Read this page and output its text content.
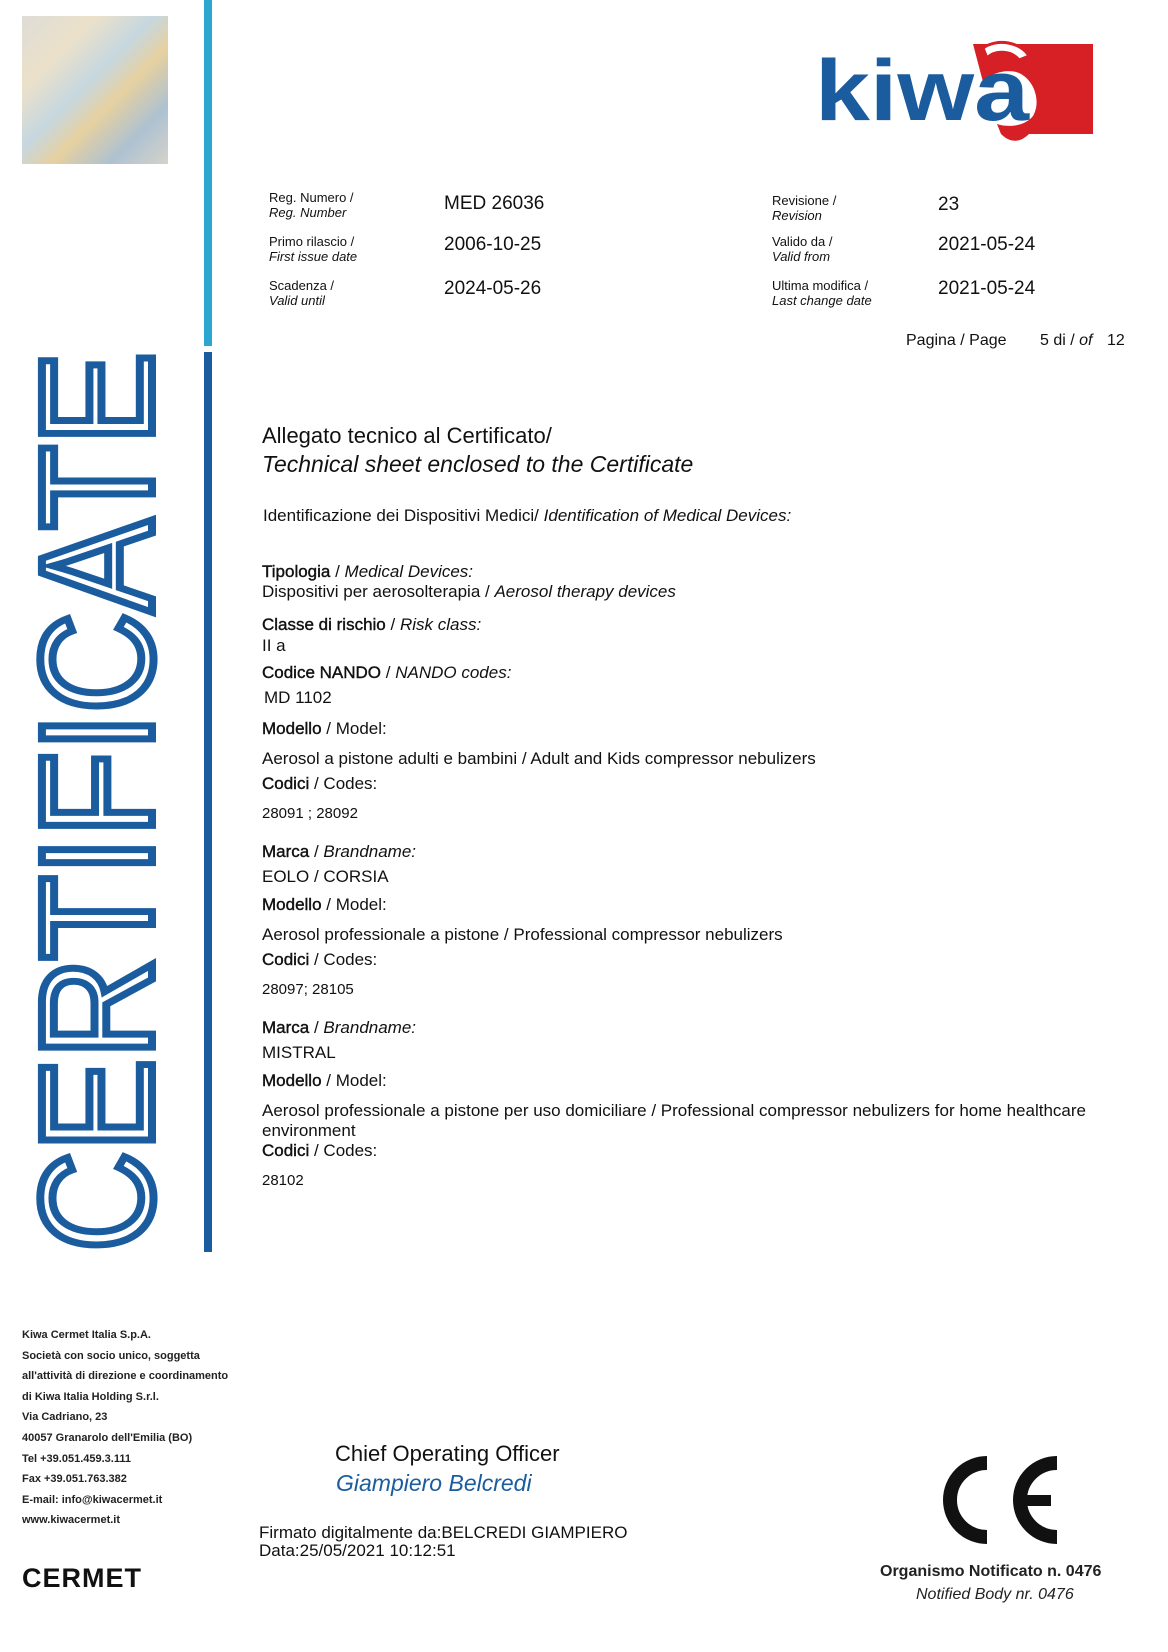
CERTIFICATE
kiwa
Reg. Numero /
Reg. Number	MED 26036
Primo rilascio /
First issue date
2006-10-25
Scadenza /
Valid until
2024-05-26
Revisione /
Revision
23
Valido da /
Valid from
2021-05-24
Ultima modifica /
Last change date
2021-05-24
Pagina / Page 5 di / of 12
Allegato tecnico al Certificato/
Technical sheet enclosed to the Certificate
Identificazione dei Dispositivi Medici/ Identification of Medical Devices:
Tipologia / Medical Devices:
Dispositivi per aerosolterapia / Aerosol therapy devices
Classe di rischio / Risk class:
II a
Codice NANDO / NANDO codes:
MD 1102
Modello / Model:
Aerosol a pistone adulti e bambini / Adult and Kids compressor nebulizers
Codici / Codes:
28091 ; 28092
Marca / Brandname:
EOLO / CORSIA
Modello / Model:
Aerosol professionale a pistone / Professional compressor nebulizers
Codici / Codes:
28097; 28105
Marca / Brandname:
MISTRAL
Modello / Model:
Aerosol professionale a pistone per uso domiciliare / Professional compressor nebulizers for home healthcare environment
Codici / Codes:
28102
Kiwa Cermet Italia S.p.A.
Società con socio unico, soggetta
all'attività di direzione e coordinamento
di Kiwa Italia Holding S.r.l.
Via Cadriano, 23
40057 Granarolo dell'Emilia (BO)
Tel +39.051.459.3.111
Fax +39.051.763.382
E-mail: info@kiwacermet.it
www.kiwacermet.it
CERMET
Chief Operating Officer
Giampiero Belcredi
Firmato digitalmente da:BELCREDI GIAMPIERO
Data:25/05/2021 10:12:51
Organismo Notificato n. 0476
Notified Body nr. 0476
